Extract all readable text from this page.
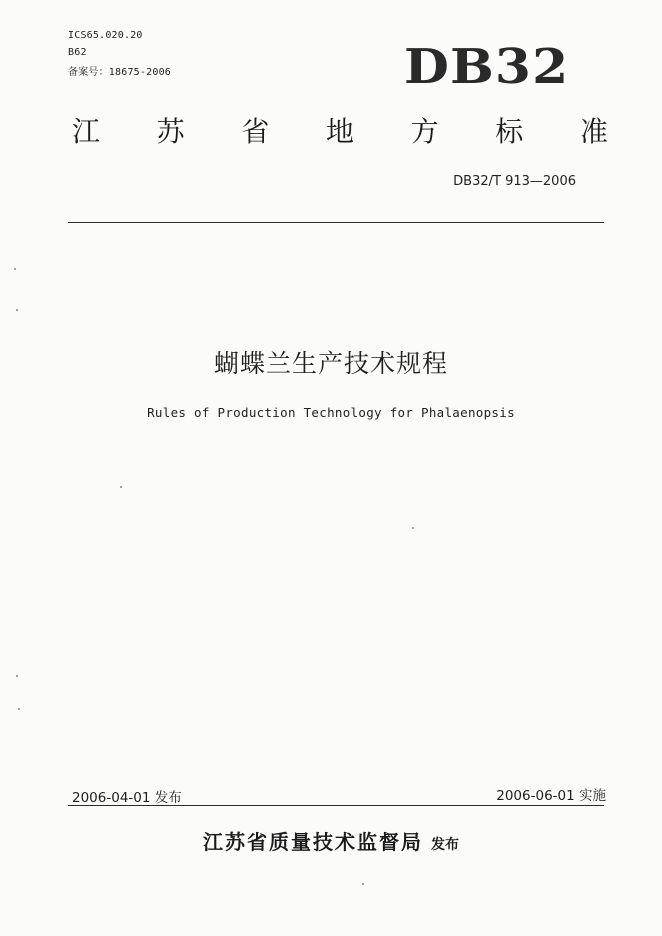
ICS65.020.20
B62
备案号：18675-2006	DB32
江 苏 省 地 方 标 准
DB32/T 913—2006
蝴蝶兰生产技术规程
Rules of Production Technology for Phalaenopsis
2006-04-01 发布	2006-06-01 实施
江苏省质量技术监督局 发布
